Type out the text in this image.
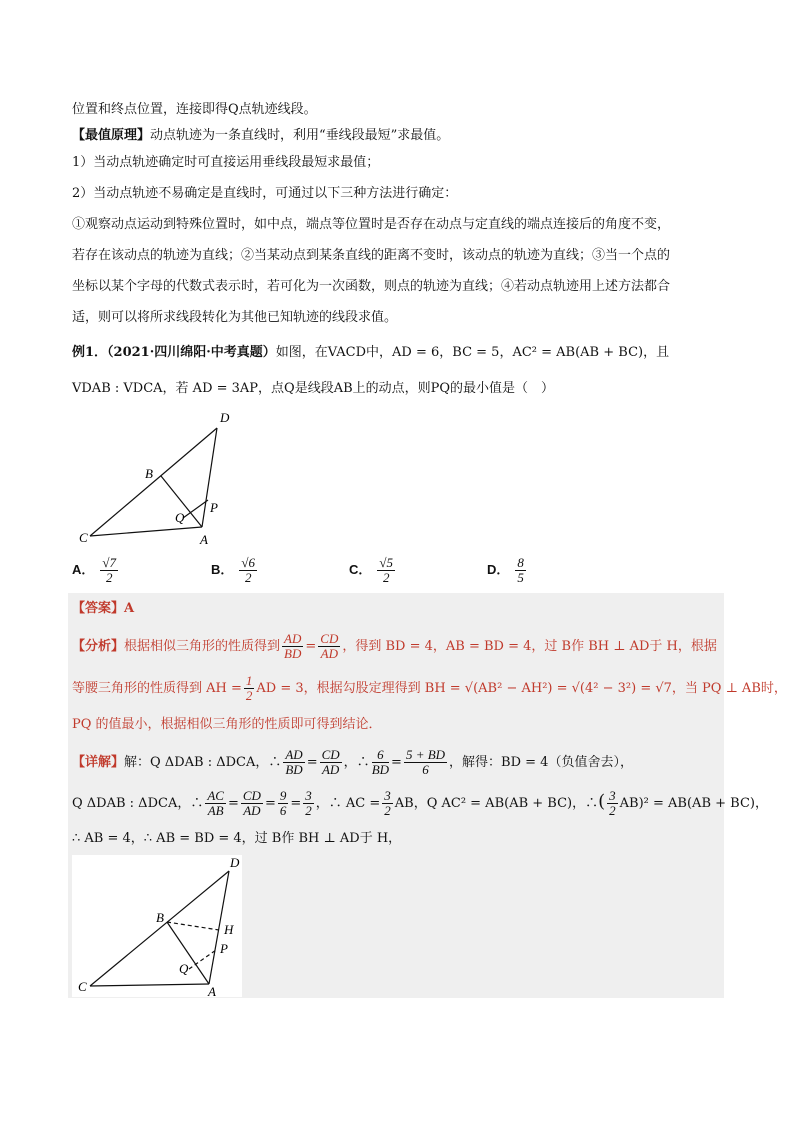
位置和终点位置，连接即得Q点轨迹线段。
【最值原理】动点轨迹为一条直线时，利用“垂线段最短”求最值。
1）当动点轨迹确定时可直接运用垂线段最短求最值；
2）当动点轨迹不易确定是直线时，可通过以下三种方法进行确定：
①观察动点运动到特殊位置时，如中点，端点等位置时是否存在动点与定直线的端点连接后的角度不变，
若存在该动点的轨迹为直线；②当某动点到某条直线的距离不变时，该动点的轨迹为直线；③当一个点的
坐标以某个字母的代数式表示时，若可化为一次函数，则点的轨迹为直线；④若动点轨迹用上述方法都合
适，则可以将所求线段转化为其他已知轨迹的线段求值。
例1．（2021·四川绵阳·中考真题）如图，在VACD中，AD = 6，BC = 5，AC² = AB(AB + BC)，且
VDAB : VDCA，若 AD = 3AP，点Q是线段AB上的动点，则PQ的最小值是（　）
D
B
P
Q
C	A
A． $\frac{√7}{2}$	B． $\frac{√6}{2}$	C． $\frac{√5}{2}$	D． $\frac{8}{5}$
【答案】A
【分析】根据相似三角形的性质得到 $\frac{AD}{BD} = \frac{CD}{AD}$ ，得到 BD = 4，AB = BD = 4，过 B作 BH ⊥ AD于 H，根据
等腰三角形的性质得到 AH = $\frac{1}{2}$ AD = 3，根据勾股定理得到 BH = √(AB² − AH²) = √(4² − 3²) = √7，当 PQ ⊥ AB时，
PQ 的值最小，根据相似三角形的性质即可得到结论．
【详解】解：Q ΔDAB : ΔDCA，∴ $\frac{AD}{BD} = \frac{CD}{AD}$ ，∴ $\frac{6}{BD} = \frac{5 + BD}{6}$ ，解得：BD = 4（负值舍去），
Q ΔDAB : ΔDCA，∴ $\frac{AC}{AB} = \frac{CD}{AD} = \frac{9}{6} = \frac{3}{2}$ ，∴ AC = $\frac{3}{2}$ AB，Q AC² = AB(AB + BC)，∴( $\frac{3}{2} AB)^2 = AB(AB + BC)$，
∴ AB = 4，∴ AB = BD = 4，过 B作 BH ⊥ AD于 H，
D
B
H
P
Q
C	A
